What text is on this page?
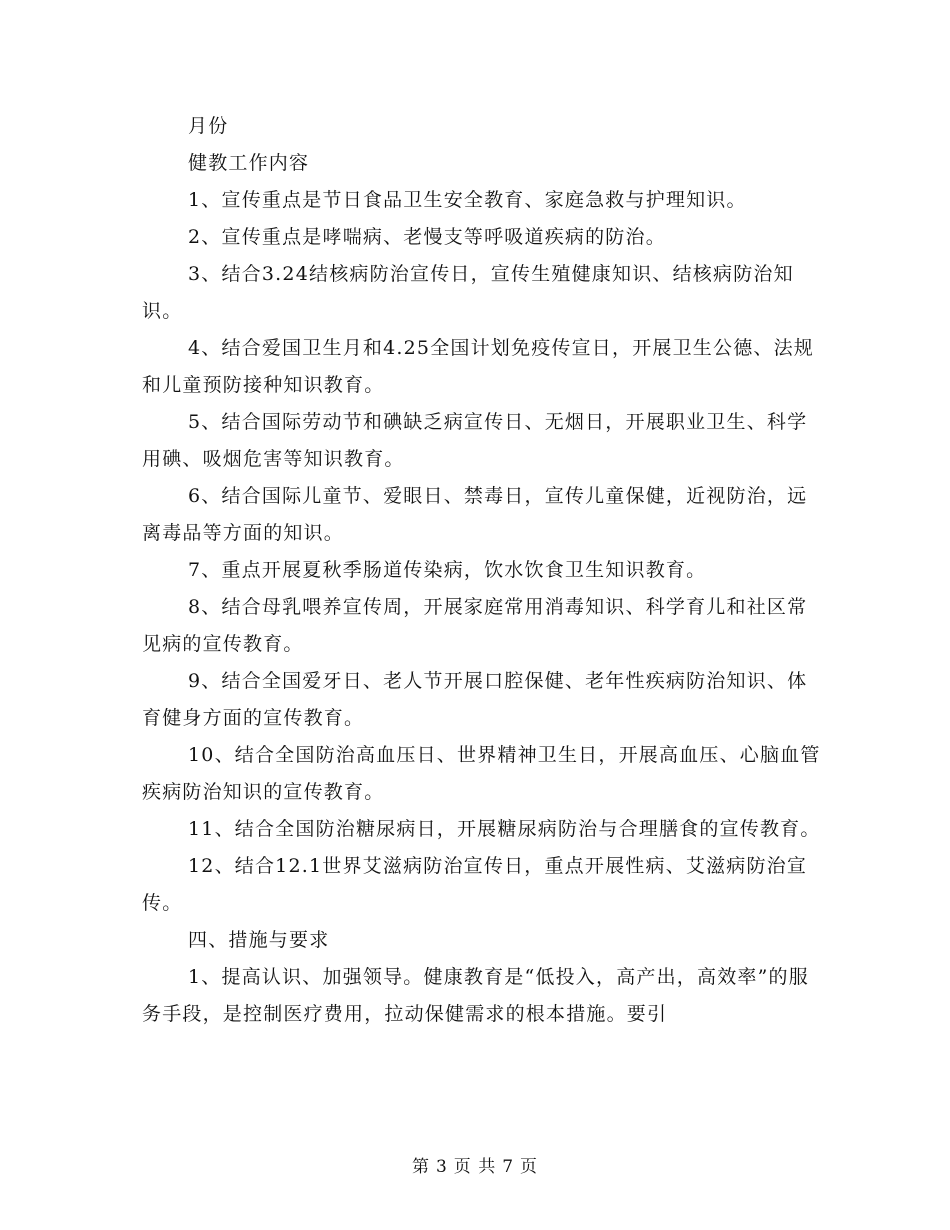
月份

健教工作内容

1、宣传重点是节日食品卫生安全教育、家庭急救与护理知识。

2、宣传重点是哮喘病、老慢支等呼吸道疾病的防治。

3、结合3.24结核病防治宣传日，宣传生殖健康知识、结核病防治知识。

4、结合爱国卫生月和4.25全国计划免疫传宣日，开展卫生公德、法规和儿童预防接种知识教育。

5、结合国际劳动节和碘缺乏病宣传日、无烟日，开展职业卫生、科学用碘、吸烟危害等知识教育。

6、结合国际儿童节、爱眼日、禁毒日，宣传儿童保健，近视防治，远离毒品等方面的知识。

7、重点开展夏秋季肠道传染病，饮水饮食卫生知识教育。

8、结合母乳喂养宣传周，开展家庭常用消毒知识、科学育儿和社区常见病的宣传教育。

9、结合全国爱牙日、老人节开展口腔保健、老年性疾病防治知识、体育健身方面的宣传教育。

10、结合全国防治高血压日、世界精神卫生日，开展高血压、心脑血管疾病防治知识的宣传教育。

11、结合全国防治糖尿病日，开展糖尿病防治与合理膳食的宣传教育。

12、结合12.1世界艾滋病防治宣传日，重点开展性病、艾滋病防治宣传。

四、措施与要求

1、提高认识、加强领导。健康教育是“低投入，高产出，高效率”的服务手段，是控制医疗费用，拉动保健需求的根本措施。要引

第 3 页 共 7 页
